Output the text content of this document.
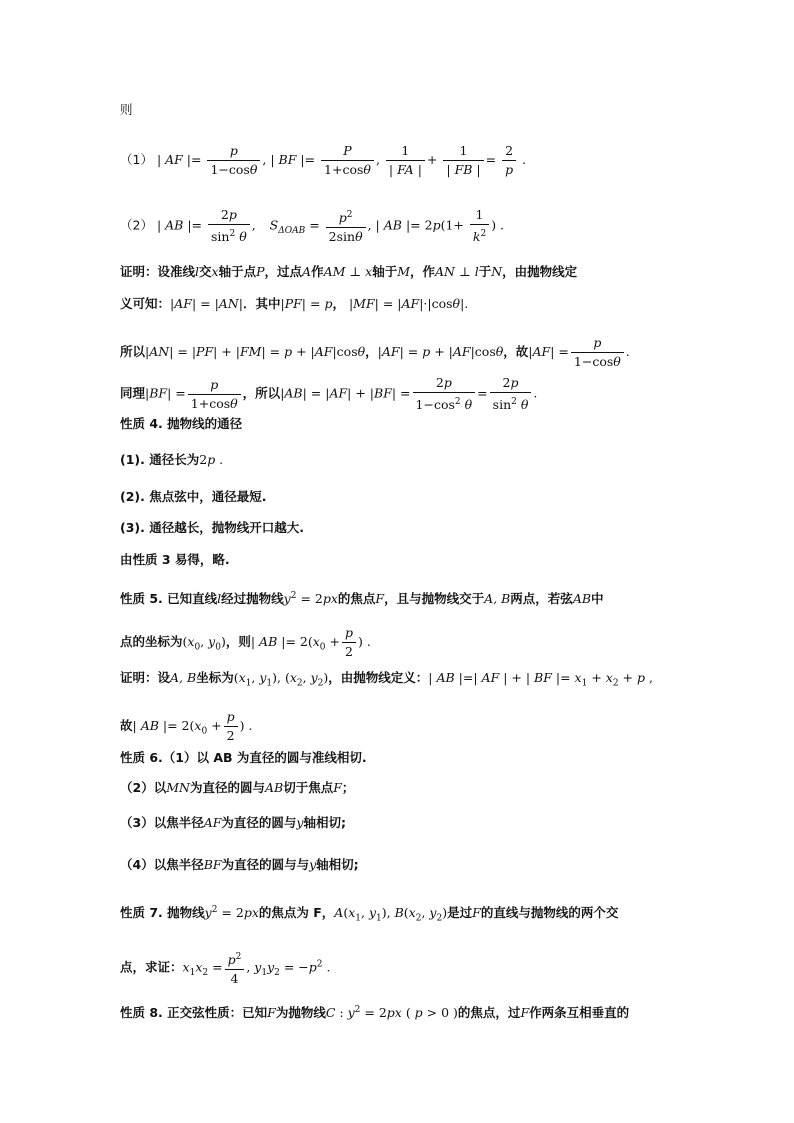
则
（1） | AF |= $\frac{p}{1-\cos\theta}$ , | BF |= $\frac{P}{1+\cos\theta}$ , $\frac{1}{| FA |} + \frac{1}{| FB |} = \frac{2}{p}$ .
（2） | AB |= $\frac{2p}{\sin^2 \theta}$ ,  $S_{\Delta OAB} = \frac{p^2}{2\sin\theta}$ , | AB |= $2p(1+ \frac{1}{k^2}$ ) .
证明：设准线l交x轴于点P，过点A作AM ⊥ x轴于M，作AN ⊥ l于N，由抛物线定
义可知：|AF| = |AN|．其中|PF| = p， |MF| = |AF|·|cosθ|.
所以|AN| = |PF| + |FM| = p + |AF|cosθ，|AF| = p + |AF|cosθ，故$|AF| = \frac{p}{1-\cos\theta}$ .
同理$|BF| = \frac{p}{1+\cos\theta}$ ，所以$|AB| = |AF| + |BF| = \frac{2p}{1-\cos^2 \theta} = \frac{2p}{\sin^2 \theta}$ .
性质 4. 抛物线的通径
(1). 通径长为2p .
(2). 焦点弦中，通径最短.
(3). 通径越长，抛物线开口越大.
由性质 3 易得，略.
性质 5. 已知直线l经过抛物线$y^2 = 2px$的焦点F，且与抛物线交于A, B两点，若弦AB中
点的坐标为($x_0$, $y_0$)，则| AB |= $2(x_0 + \frac{p}{2}$ ) .
证明：设A, B坐标为($x_1$, $y_1$), ($x_2$, $y_2$)，由抛物线定义：| AB |=| AF | + | BF |= $x_1 + x_2 + p$ ,
故| AB |= $2(x_0 + \frac{p}{2}$ ) .
性质 6.（1）以 AB 为直径的圆与准线相切.
（2）以MN为直径的圆与AB切于焦点F；
（3）以焦半径AF为直径的圆与y轴相切;
（4）以焦半径BF为直径的圆与与y轴相切;
性质 7. 抛物线$y^2 = 2px$的焦点为 F，$A(x_1$, $y_1$), $B(x_2$, $y_2$)是过F的直线与抛物线的两个交
点，求证：$x_1x_2 = \frac{p^2}{4}$ , $y_1y_2 = -p^2$ .
性质 8. 正交弦性质：已知F为抛物线C : $y^2 = 2px$ ( p > 0 )的焦点，过F作两条互相垂直的
